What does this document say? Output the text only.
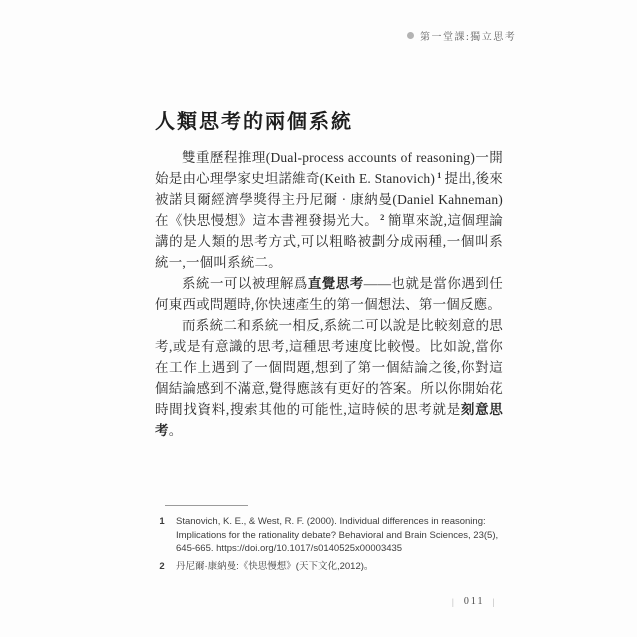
第一堂課:獨立思考
人類思考的兩個系統

雙重歷程推理(Dual-process accounts of reasoning)一開始是由心理學家史坦諾維奇(Keith E. Stanovich) $^1$ 提出,後來被諾貝爾經濟學獎得主丹尼爾 · 康納曼(Daniel Kahneman)在《快思慢想》這本書裡發揚光大。 $^2$ 簡單來說,這個理論講的是人類的思考方式,可以粗略被劃分成兩種,一個叫系統一,一個叫系統二。

系統一可以被理解爲直覺思考——也就是當你遇到任何東西或問題時,你快速產生的第一個想法、第一個反應。

而系統二和系統一相反,系統二可以說是比較刻意的思考,或是有意識的思考,這種思考速度比較慢。比如說,當你在工作上遇到了一個問題,想到了第一個結論之後,你對這個結論感到不滿意,覺得應該有更好的答案。所以你開始花時間找資料,搜索其他的可能性,這時候的思考就是刻意思考。

1 Stanovich, K. E., & West, R. F. (2000). Individual differences in reasoning: Implications for the rationality debate? Behavioral and Brain Sciences, 23(5), 645-665. https://doi.org/10.1017/s0140525x00003435
2 丹尼爾·康納曼:《快思慢想》(天下文化,2012)。
| 011 |
